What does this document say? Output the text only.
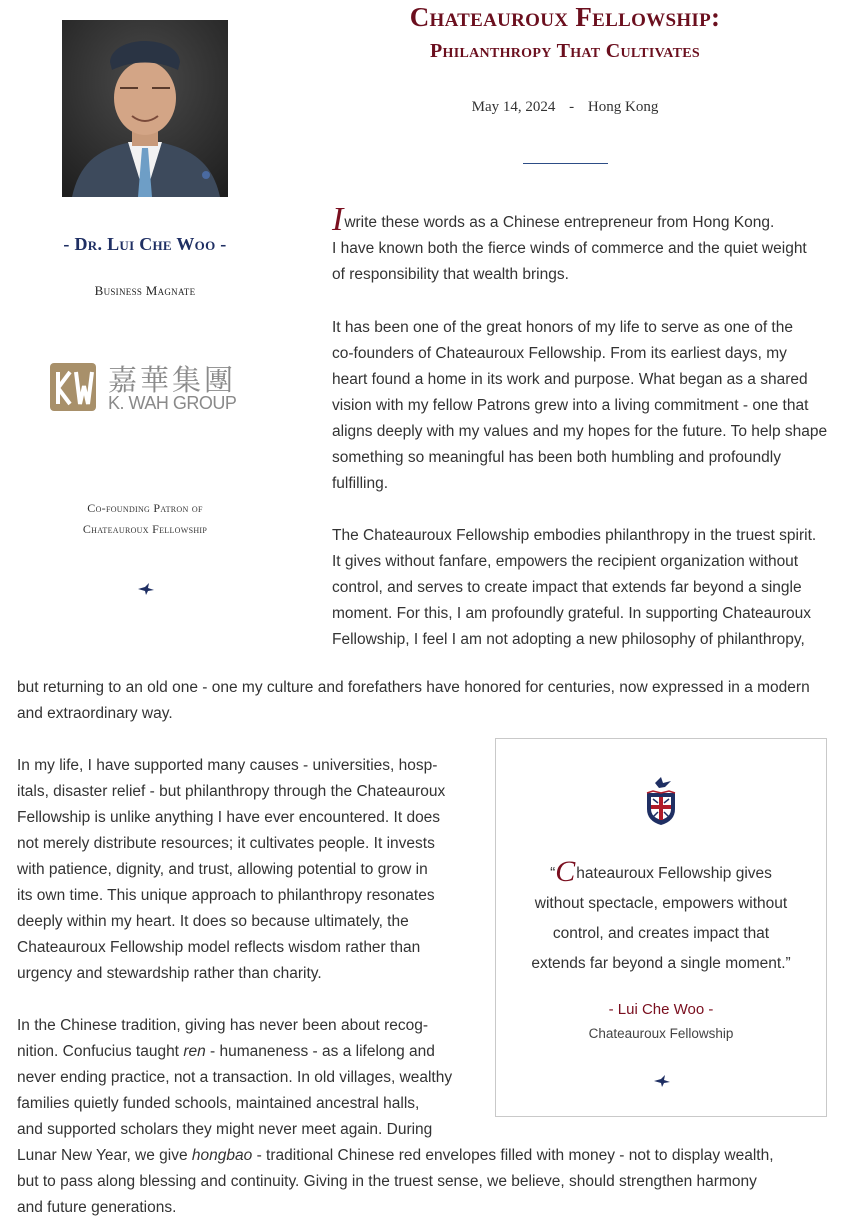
Chateauroux Fellowship:
Philanthropy That Cultivates
May 14, 2024 - Hong Kong
- Dr. Lui Che Woo -
Business Magnate
嘉華集團
K. WAH GROUP
Co-founding Patron of
Chateauroux Fellowship
Iwrite these words as a Chinese entrepreneur from Hong Kong.
I have known both the fierce winds of commerce and the quiet weight
of responsibility that wealth brings.
It has been one of the great honors of my life to serve as one of the
co-founders of Chateauroux Fellowship. From its earliest days, my
heart found a home in its work and purpose. What began as a shared
vision with my fellow Patrons grew into a living commitment - one that
aligns deeply with my values and my hopes for the future. To help shape
something so meaningful has been both humbling and profoundly
fulfilling.
The Chateauroux Fellowship embodies philanthropy in the truest spirit.
It gives without fanfare, empowers the recipient organization without
control, and serves to create impact that extends far beyond a single
moment. For this, I am profoundly grateful. In supporting Chateauroux
Fellowship, I feel I am not adopting a new philosophy of philanthropy,
but returning to an old one - one my culture and forefathers have honored for centuries, now expressed in a modern
and extraordinary way.
In my life, I have supported many causes - universities, hosp-
itals, disaster relief - but philanthropy through the Chateauroux
Fellowship is unlike anything I have ever encountered. It does
not merely distribute resources; it cultivates people. It invests
with patience, dignity, and trust, allowing potential to grow in
its own time. This unique approach to philanthropy resonates
deeply within my heart. It does so because ultimately, the
Chateauroux Fellowship model reflects wisdom rather than
urgency and stewardship rather than charity.
In the Chinese tradition, giving has never been about recog-
nition. Confucius taught ren - humaneness - as a lifelong and
never ending practice, not a transaction. In old villages, wealthy
families quietly funded schools, maintained ancestral halls,
and supported scholars they might never meet again. During
Lunar New Year, we give hongbao - traditional Chinese red envelopes filled with money - not to display wealth,
but to pass along blessing and continuity. Giving in the truest sense, we believe, should strengthen harmony
and future generations.
“Chateauroux Fellowship gives
without spectacle, empowers without
control, and creates impact that
extends far beyond a single moment.”
- Lui Che Woo -
Chateauroux Fellowship
